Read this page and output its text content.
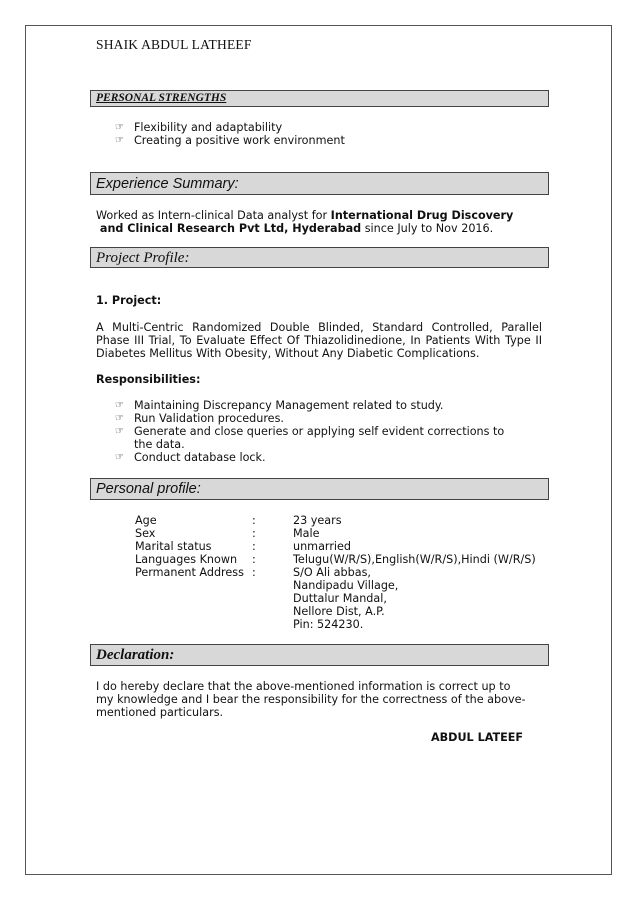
SHAIK ABDUL LATHEEF
PERSONAL STRENGTHS
☞ Flexibility and adaptability
☞ Creating a positive work environment
Experience Summary:
Worked as Intern-clinical Data analyst for International Drug Discovery
and Clinical Research Pvt Ltd, Hyderabad since July to Nov 2016.
Project Profile:
1. Project:
A Multi-Centric Randomized Double Blinded, Standard Controlled, Parallel Phase III Trial, To Evaluate Effect Of Thiazolidinedione, In Patients With Type II Diabetes Mellitus With Obesity, Without Any Diabetic Complications.
Responsibilities:
☞ Maintaining Discrepancy Management related to study.
☞ Run Validation procedures.
☞ Generate and close queries or applying self evident corrections to the data.
☞ Conduct database lock.
Personal profile:
Age	:	23 years
Sex	:	Male
Marital status	:	unmarried
Languages Known :	Telugu(W/R/S),English(W/R/S),Hindi (W/R/S)
Permanent Address :	S/O Ali abbas,
Nandipadu Village,
Duttalur Mandal,
Nellore Dist, A.P.
Pin: 524230.
Declaration:
I do hereby declare that the above-mentioned information is correct up to my knowledge and I bear the responsibility for the correctness of the above-mentioned particulars.
ABDUL LATEEF
